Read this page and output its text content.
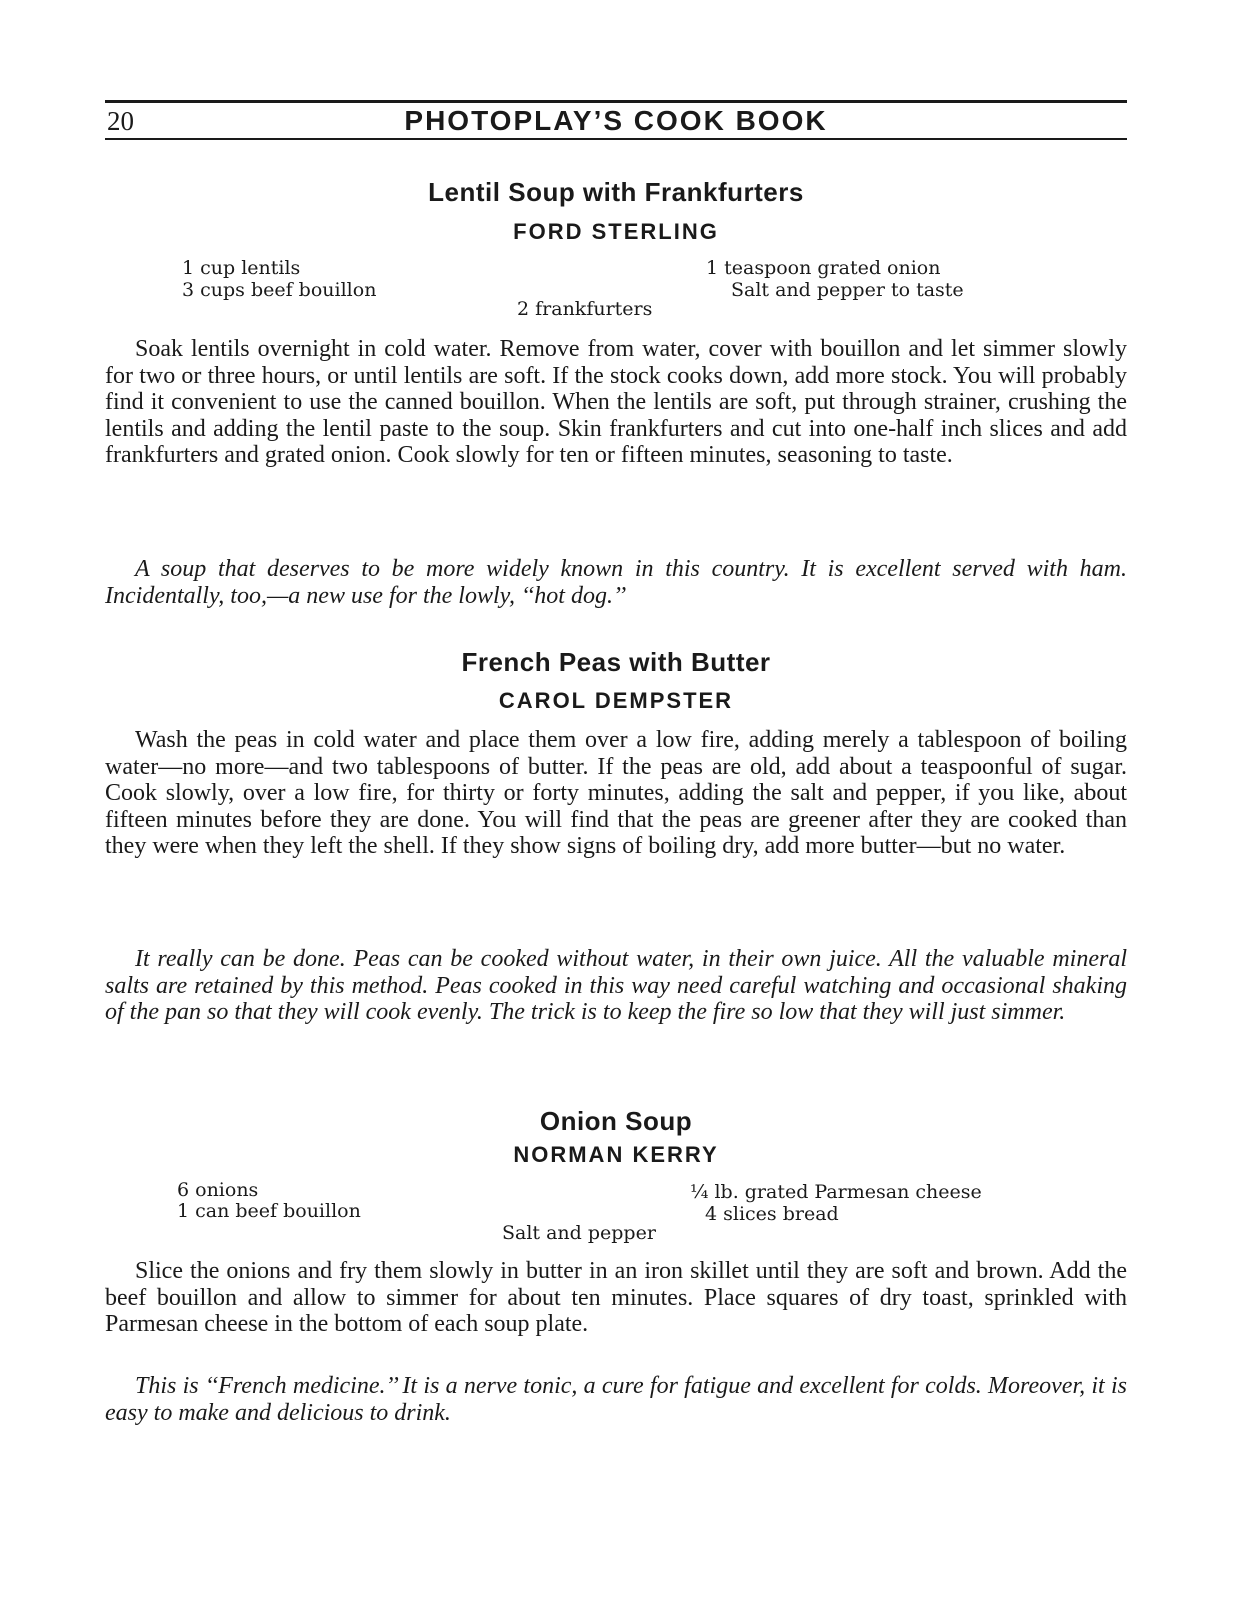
20	PHOTOPLAY’S COOK BOOK
Lentil Soup with Frankfurters
FORD STERLING
1 cup lentils
3 cups beef bouillon
1 teaspoon grated onion
Salt and pepper to taste
2 frankfurters

Soak lentils overnight in cold water. Remove from water, cover with bouillon and let simmer slowly for two or three hours, or until lentils are soft. If the stock cooks down, add more stock. You will probably find it convenient to use the canned bouillon. When the lentils are soft, put through strainer, crushing the lentils and adding the lentil paste to the soup. Skin frankfurters and cut into one-half inch slices and add frankfurters and grated onion. Cook slowly for ten or fifteen minutes, seasoning to taste.

A soup that deserves to be more widely known in this country. It is excellent served with ham. Incidentally, too,—a new use for the lowly, ‘‘hot dog.’’

French Peas with Butter
CAROL DEMPSTER

Wash the peas in cold water and place them over a low fire, adding merely a tablespoon of boiling water—no more—and two tablespoons of butter. If the peas are old, add about a teaspoonful of sugar. Cook slowly, over a low fire, for thirty or forty minutes, adding the salt and pepper, if you like, about fifteen minutes before they are done. You will find that the peas are greener after they are cooked than they were when they left the shell. If they show signs of boiling dry, add more butter—but no water.

It really can be done. Peas can be cooked without water, in their own juice. All the valuable mineral salts are retained by this method. Peas cooked in this way need careful watching and occasional shaking of the pan so that they will cook evenly. The trick is to keep the fire so low that they will just simmer.

Onion Soup
NORMAN KERRY
6 onions
1 can beef bouillon
¼ lb. grated Parmesan cheese
4 slices bread
Salt and pepper

Slice the onions and fry them slowly in butter in an iron skillet until they are soft and brown. Add the beef bouillon and allow to simmer for about ten minutes. Place squares of dry toast, sprinkled with Parmesan cheese in the bottom of each soup plate.

This is ‘‘French medicine.’’ It is a nerve tonic, a cure for fatigue and excellent for colds. Moreover, it is easy to make and delicious to drink.
